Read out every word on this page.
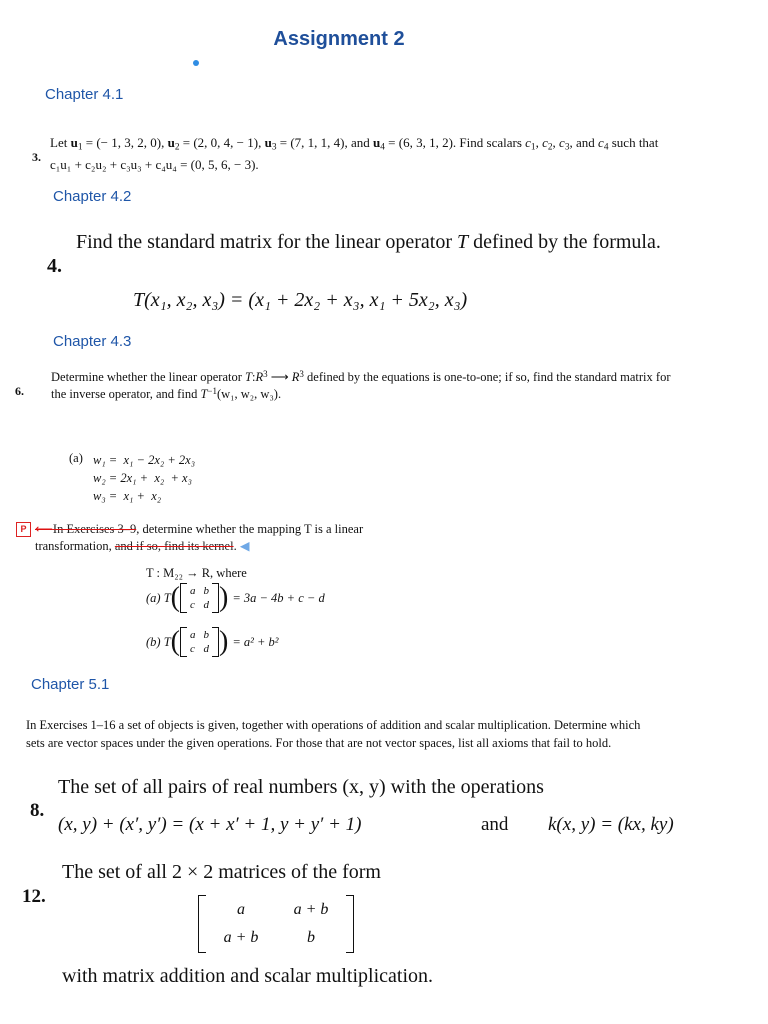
Assignment 2
Chapter 4.1
3.
Let $u_1$ = (− 1, 3, 2, 0), $u_2 = (2$, 0, 4, − 1), $u_3 = (7$, 1, 1, 4), and $u_4 = (6$, 3, 1, 2). Find scalars $c_1$, $c_2$, $c_3$, and $c_4$ such that
c₁u₁ + c₂u₂ + c₃u₃ + c₄u₄ = (0, 5, 6, − 3).
Chapter 4.2
Find the standard matrix for the linear operator T defined by the formula.
4.
T(x₁, x₂, x₃) = (x₁ + 2x₂ + x₃, x₁ + 5x₂, x₃)
Chapter 4.3
6.
Determine whether the linear operator $T:R^3$ ⟶ $R^3$ defined by the equations is one-to-one; if so, find the standard matrix for
the inverse operator, and find $T^{-1}(w_1$, w₂, w₃).
(a) w₁ =  x₁ − 2x₂ + 2x₃
w₂ = 2x₁ +  x₂  + x₃
w₃ =  x₁ +  x₂
P ⟵In Exercises 3–9, determine whether the mapping T is a linear
transformation, and if so, find its kernel. ◀
T : M₂₂ → R, where
(a) T ( a b
c d ) = 3a − 4b + c − d
(b) T ( a b
c d ) = a² + b²
Chapter 5.1
In Exercises 1–16 a set of objects is given, together with operations of addition and scalar multiplication. Determine which
sets are vector spaces under the given operations. For those that are not vector spaces, list all axioms that fail to hold.
8.
The set of all pairs of real numbers (x, y) with the operations
(x, y) + (x′, y′) = (x + x′ + 1, y + y′ + 1)	and k(x, y) = (kx, ky)
The set of all 2 × 2 matrices of the form
12.
a	a + b
a + b	b
with matrix addition and scalar multiplication.
